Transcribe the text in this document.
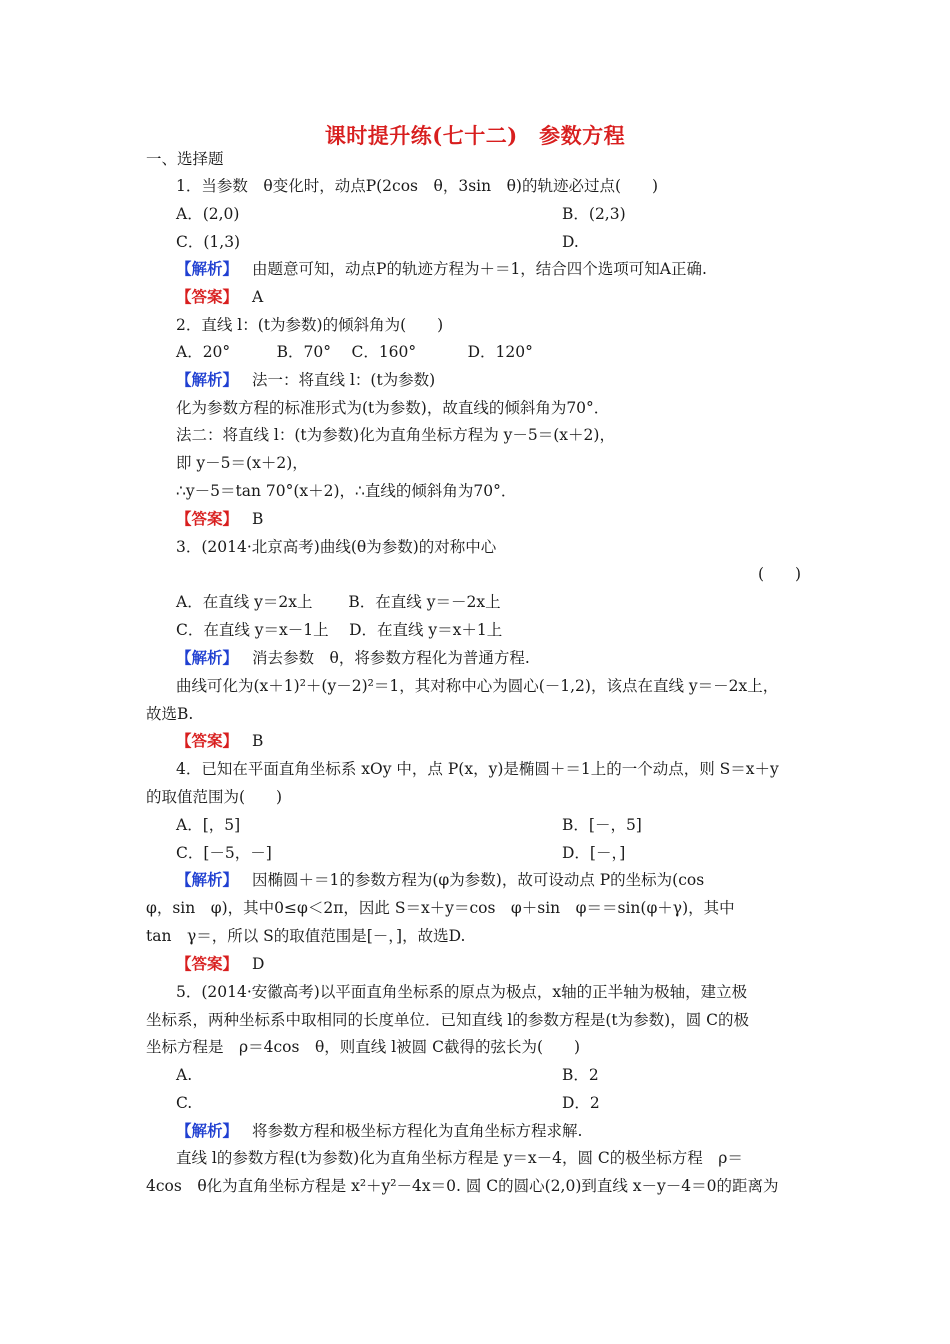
课时提升练(七十二)　参数方程
一、选择题
1．当参数　θ变化时，动点P(2cos　θ，3sin　θ)的轨迹必过点(　　)
A．(2,0)	B．(2,3)
C．(1,3)	D.
【解析】 由题意可知，动点P的轨迹方程为＋＝1，结合四个选项可知A正确.
【答案】 A
2．直线 l：(t为参数)的倾斜角为(　　)
A．20°　　　B．70°　 C．160°　　　 D．120°
【解析】 法一：将直线 l：(t为参数)
化为参数方程的标准形式为(t为参数)，故直线的倾斜角为70°．
法二：将直线 l：(t为参数)化为直角坐标方程为 y－5＝(x＋2)，
即 y－5＝(x＋2)，
∴y－5＝tan 70°(x＋2)，∴直线的倾斜角为70°．
【答案】 B
3．(2014·北京高考)曲线(θ为参数)的对称中心
(　　)
A．在直线 y＝2x上　　 B．在直线 y＝－2x上
C．在直线 y＝x－1上　 D．在直线 y＝x＋1上
【解析】 消去参数　θ，将参数方程化为普通方程.
曲线可化为(x＋1)²＋(y－2)²＝1，其对称中心为圆心(－1,2)，该点在直线 y＝－2x上，
故选B.
【答案】 B
4．已知在平面直角坐标系 xOy 中，点 P(x，y)是椭圆＋＝1上的一个动点，则 S＝x＋y
的取值范围为(　　)
A．[，5]	B．[－，5]
C．[－5，－]	D．[－，]
【解析】 因椭圆＋＝1的参数方程为(φ为参数)，故可设动点 P的坐标为(cos
φ，sin　φ)，其中0≤φ＜2π，因此 S＝x＋y＝cos　φ＋sin　φ＝＝sin(φ＋γ)，其中
tan　γ＝，所以 S的取值范围是[－，]，故选D.
【答案】 D
5．(2014·安徽高考)以平面直角坐标系的原点为极点，x轴的正半轴为极轴，建立极
坐标系，两种坐标系中取相同的长度单位．已知直线 l的参数方程是(t为参数)，圆 C的极
坐标方程是　ρ＝4cos　θ，则直线 l被圆 C截得的弦长为(　　)
A.	B．2
C.	D．2
【解析】 将参数方程和极坐标方程化为直角坐标方程求解.
直线 l的参数方程(t为参数)化为直角坐标方程是 y＝x－4，圆 C的极坐标方程　ρ＝
4cos　θ化为直角坐标方程是 x²＋y²－4x＝0. 圆 C的圆心(2,0)到直线 x－y－4＝0的距离为
